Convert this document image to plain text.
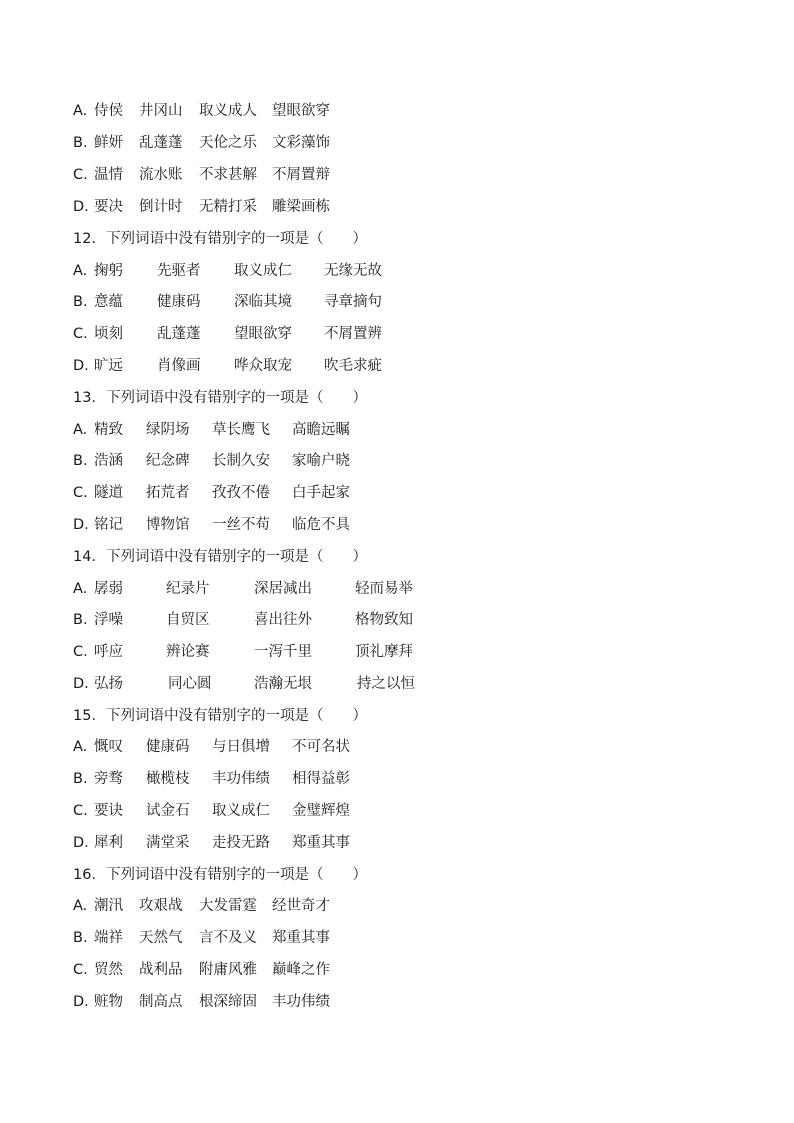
A. 侍侯 井冈山 取义成人 望眼欲穿
B. 鲜妍 乱蓬蓬 天伦之乐 文彩藻饰
C. 温情 流水账 不求甚解 不屑置辩
D. 要决 倒计时 无精打采 雕梁画栋
12．下列词语中没有错别字的一项是（　　）
A. 掬躬 先驱者 取义成仁 无缘无故
B. 意蕴 健康码 深临其境 寻章摘句
C. 顷刻 乱蓬蓬 望眼欲穿 不屑置辨
D. 旷远 肖像画 哗众取宠 吹毛求疵
13．下列词语中没有错别字的一项是（　　）
A. 精致 绿阴场 草长鹰飞 高瞻远瞩
B. 浩涵 纪念碑 长制久安 家喻户晓
C. 隧道 拓荒者 孜孜不倦 白手起家
D. 铭记 博物馆 一丝不苟 临危不具
14．下列词语中没有错别字的一项是（　　）
A. 孱弱	纪录片	深居减出	轻而易举
B. 浮噪	自贸区	喜出往外	格物致知
C. 呼应	辨论赛	一泻千里	顶礼摩拜
D. 弘扬	同心圆	浩瀚无垠	持之以恒
15．下列词语中没有错别字的一项是（　　）
A. 慨叹 健康码 与日俱增 不可名状
B. 旁骛 橄榄枝 丰功伟绩 相得益彰
C. 要诀 试金石 取义成仁 金璧辉煌
D. 犀利 满堂采 走投无路 郑重其事
16．下列词语中没有错别字的一项是（　　）
A. 潮汛 攻艰战 大发雷霆 经世奇才
B. 端祥 天然气 言不及义 郑重其事
C. 贸然 战利品 附庸风雅 巅峰之作
D. 赃物 制高点 根深缔固 丰功伟绩
